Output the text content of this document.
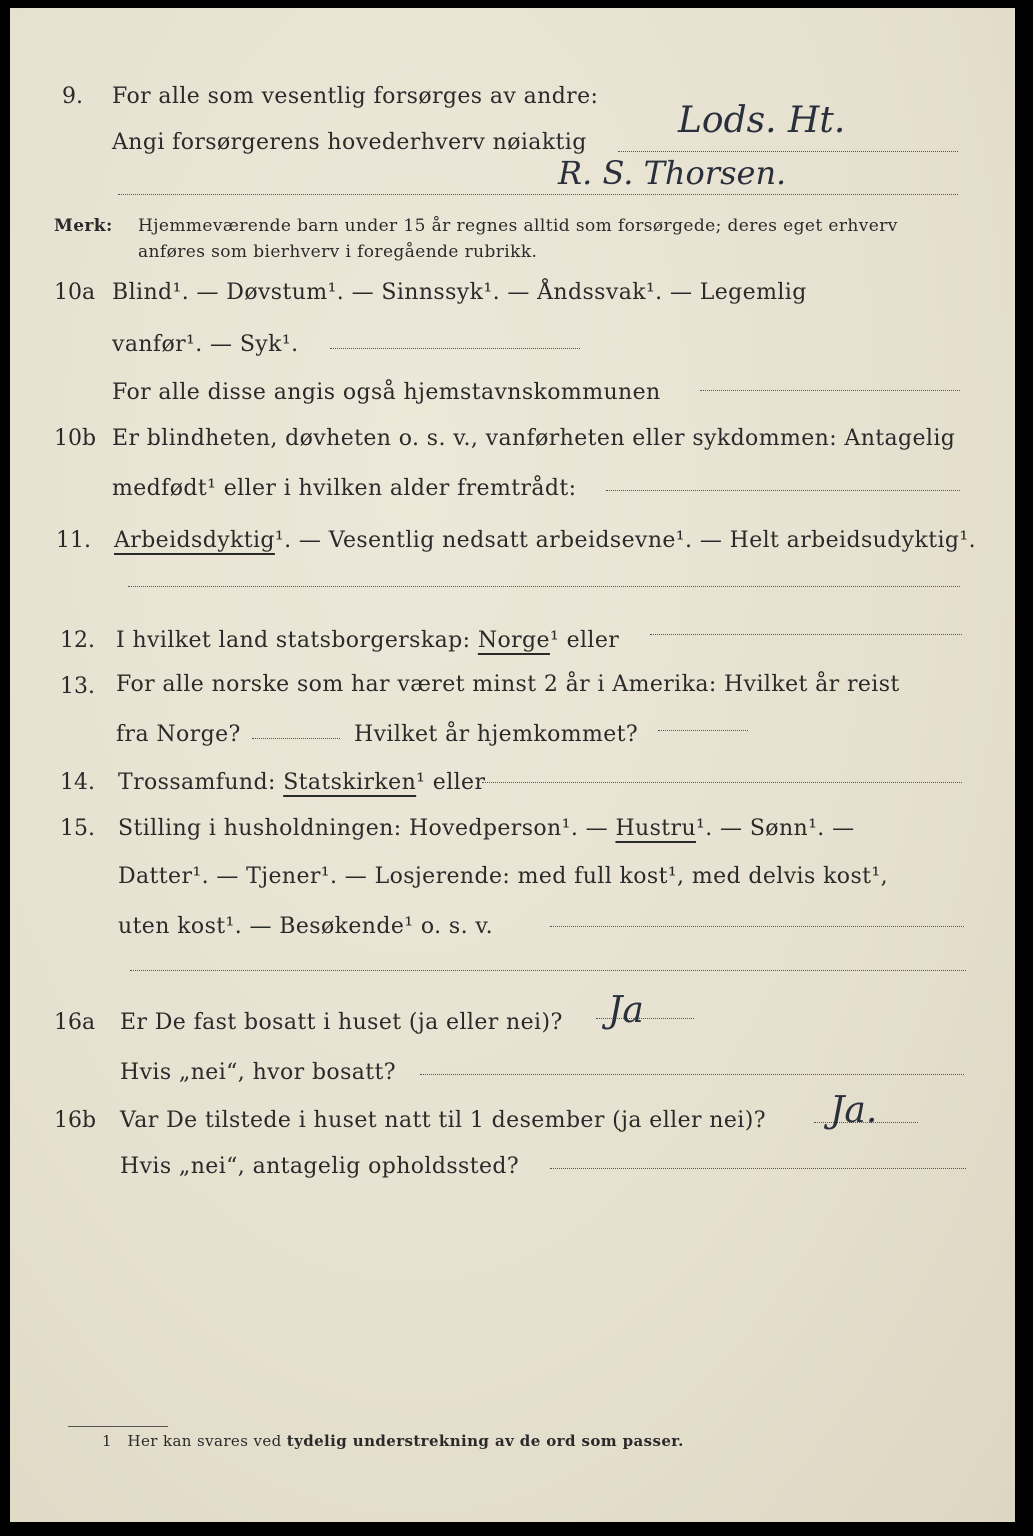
9. For alle som vesentlig forsørges av andre:
Angi forsørgerens hovederhverv nøiaktig
Lods. Ht.
R. S. Thorsen.
Merk: Hjemmeværende barn under 15 år regnes alltid som forsørgede; deres eget erhverv
anføres som bierhverv i foregående rubrikk.
10a Blind¹. — Døvstum¹. — Sinnssyk¹. — Åndssvak¹. — Legemlig
vanfør¹. — Syk¹.
For alle disse angis også hjemstavnskommunen
10b Er blindheten, døvheten o. s. v., vanførheten eller sykdommen: Antagelig
medfødt¹ eller i hvilken alder fremtrådt:
11. Arbeidsdyktig¹. — Vesentlig nedsatt arbeidsevne¹. — Helt arbeidsudyktig¹.
12. I hvilket land statsborgerskap: Norge¹ eller
13. For alle norske som har været minst 2 år i Amerika: Hvilket år reist
fra Norge?	Hvilket år hjemkommet?
14. Trossamfund: Statskirken¹ eller
15. Stilling i husholdningen: Hovedperson¹. — Hustru¹. — Sønn¹. —
Datter¹. — Tjener¹. — Losjerende: med full kost¹, med delvis kost¹,
uten kost¹. — Besøkende¹ o. s. v.
16a Er De fast bosatt i huset (ja eller nei)? Ja
Hvis „nei“, hvor bosatt?
16b Var De tilstede i huset natt til 1 desember (ja eller nei)? Ja.
Hvis „nei“, antagelig opholdssted?
1 Her kan svares ved tydelig understrekning av de ord som passer.
